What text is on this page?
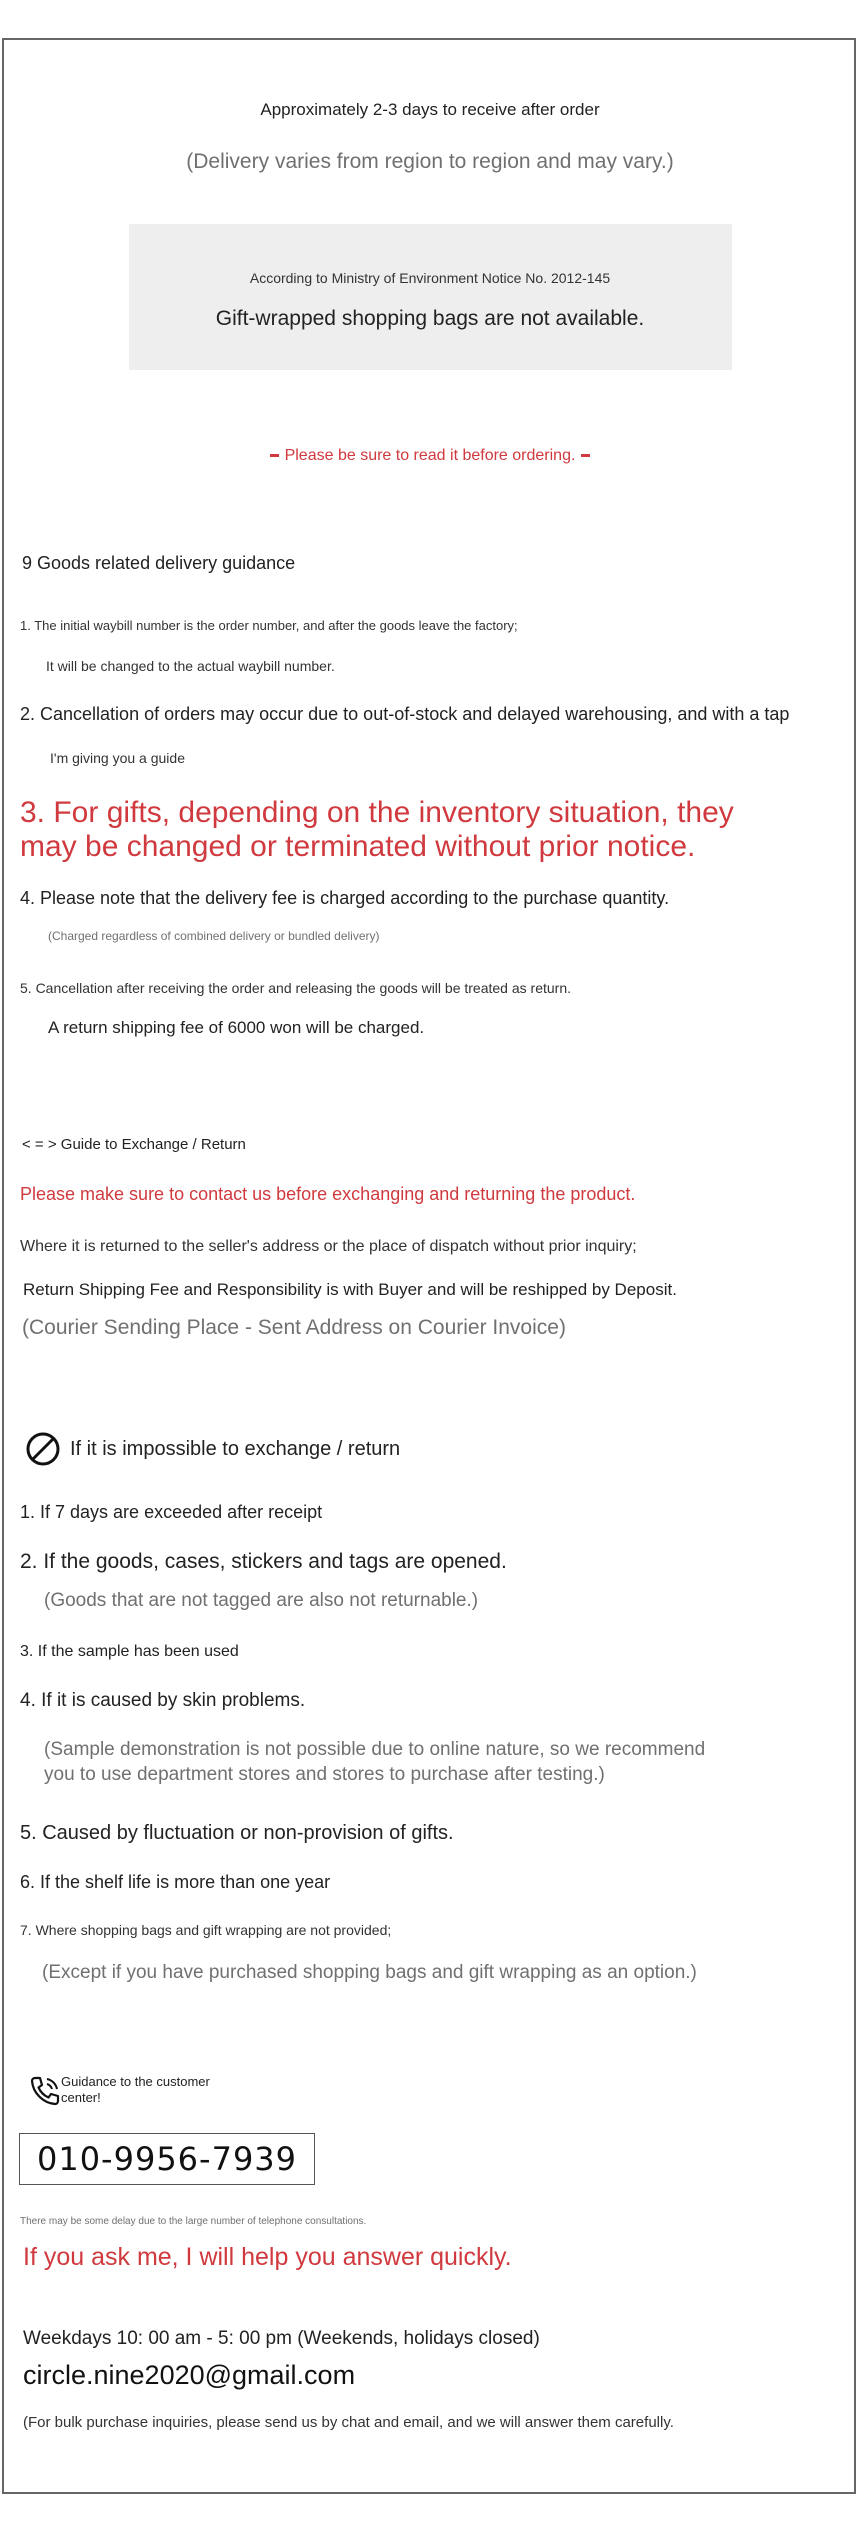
Approximately 2-3 days to receive after order
(Delivery varies from region to region and may vary.)
According to Ministry of Environment Notice No. 2012-145
Gift-wrapped shopping bags are not available.
Please be sure to read it before ordering.
9 Goods related delivery guidance
1. The initial waybill number is the order number, and after the goods leave the factory;
It will be changed to the actual waybill number.
2. Cancellation of orders may occur due to out-of-stock and delayed warehousing, and with a tap
I'm giving you a guide
3. For gifts, depending on the inventory situation, they
may be changed or terminated without prior notice.
4. Please note that the delivery fee is charged according to the purchase quantity.
(Charged regardless of combined delivery or bundled delivery)
5. Cancellation after receiving the order and releasing the goods will be treated as return.
A return shipping fee of 6000 won will be charged.
< = > Guide to Exchange / Return
Please make sure to contact us before exchanging and returning the product.
Where it is returned to the seller's address or the place of dispatch without prior inquiry;
Return Shipping Fee and Responsibility is with Buyer and will be reshipped by Deposit.
(Courier Sending Place - Sent Address on Courier Invoice)
If it is impossible to exchange / return
1. If 7 days are exceeded after receipt
2. If the goods, cases, stickers and tags are opened.
(Goods that are not tagged are also not returnable.)
3. If the sample has been used
4. If it is caused by skin problems.
(Sample demonstration is not possible due to online nature, so we recommend
you to use department stores and stores to purchase after testing.)
5. Caused by fluctuation or non-provision of gifts.
6. If the shelf life is more than one year
7. Where shopping bags and gift wrapping are not provided;
(Except if you have purchased shopping bags and gift wrapping as an option.)
Guidance to the customer
center!
010-9956-7939
There may be some delay due to the large number of telephone consultations.
If you ask me, I will help you answer quickly.
Weekdays 10: 00 am - 5: 00 pm (Weekends, holidays closed)
circle.nine2020@gmail.com
(For bulk purchase inquiries, please send us by chat and email, and we will answer them carefully.
